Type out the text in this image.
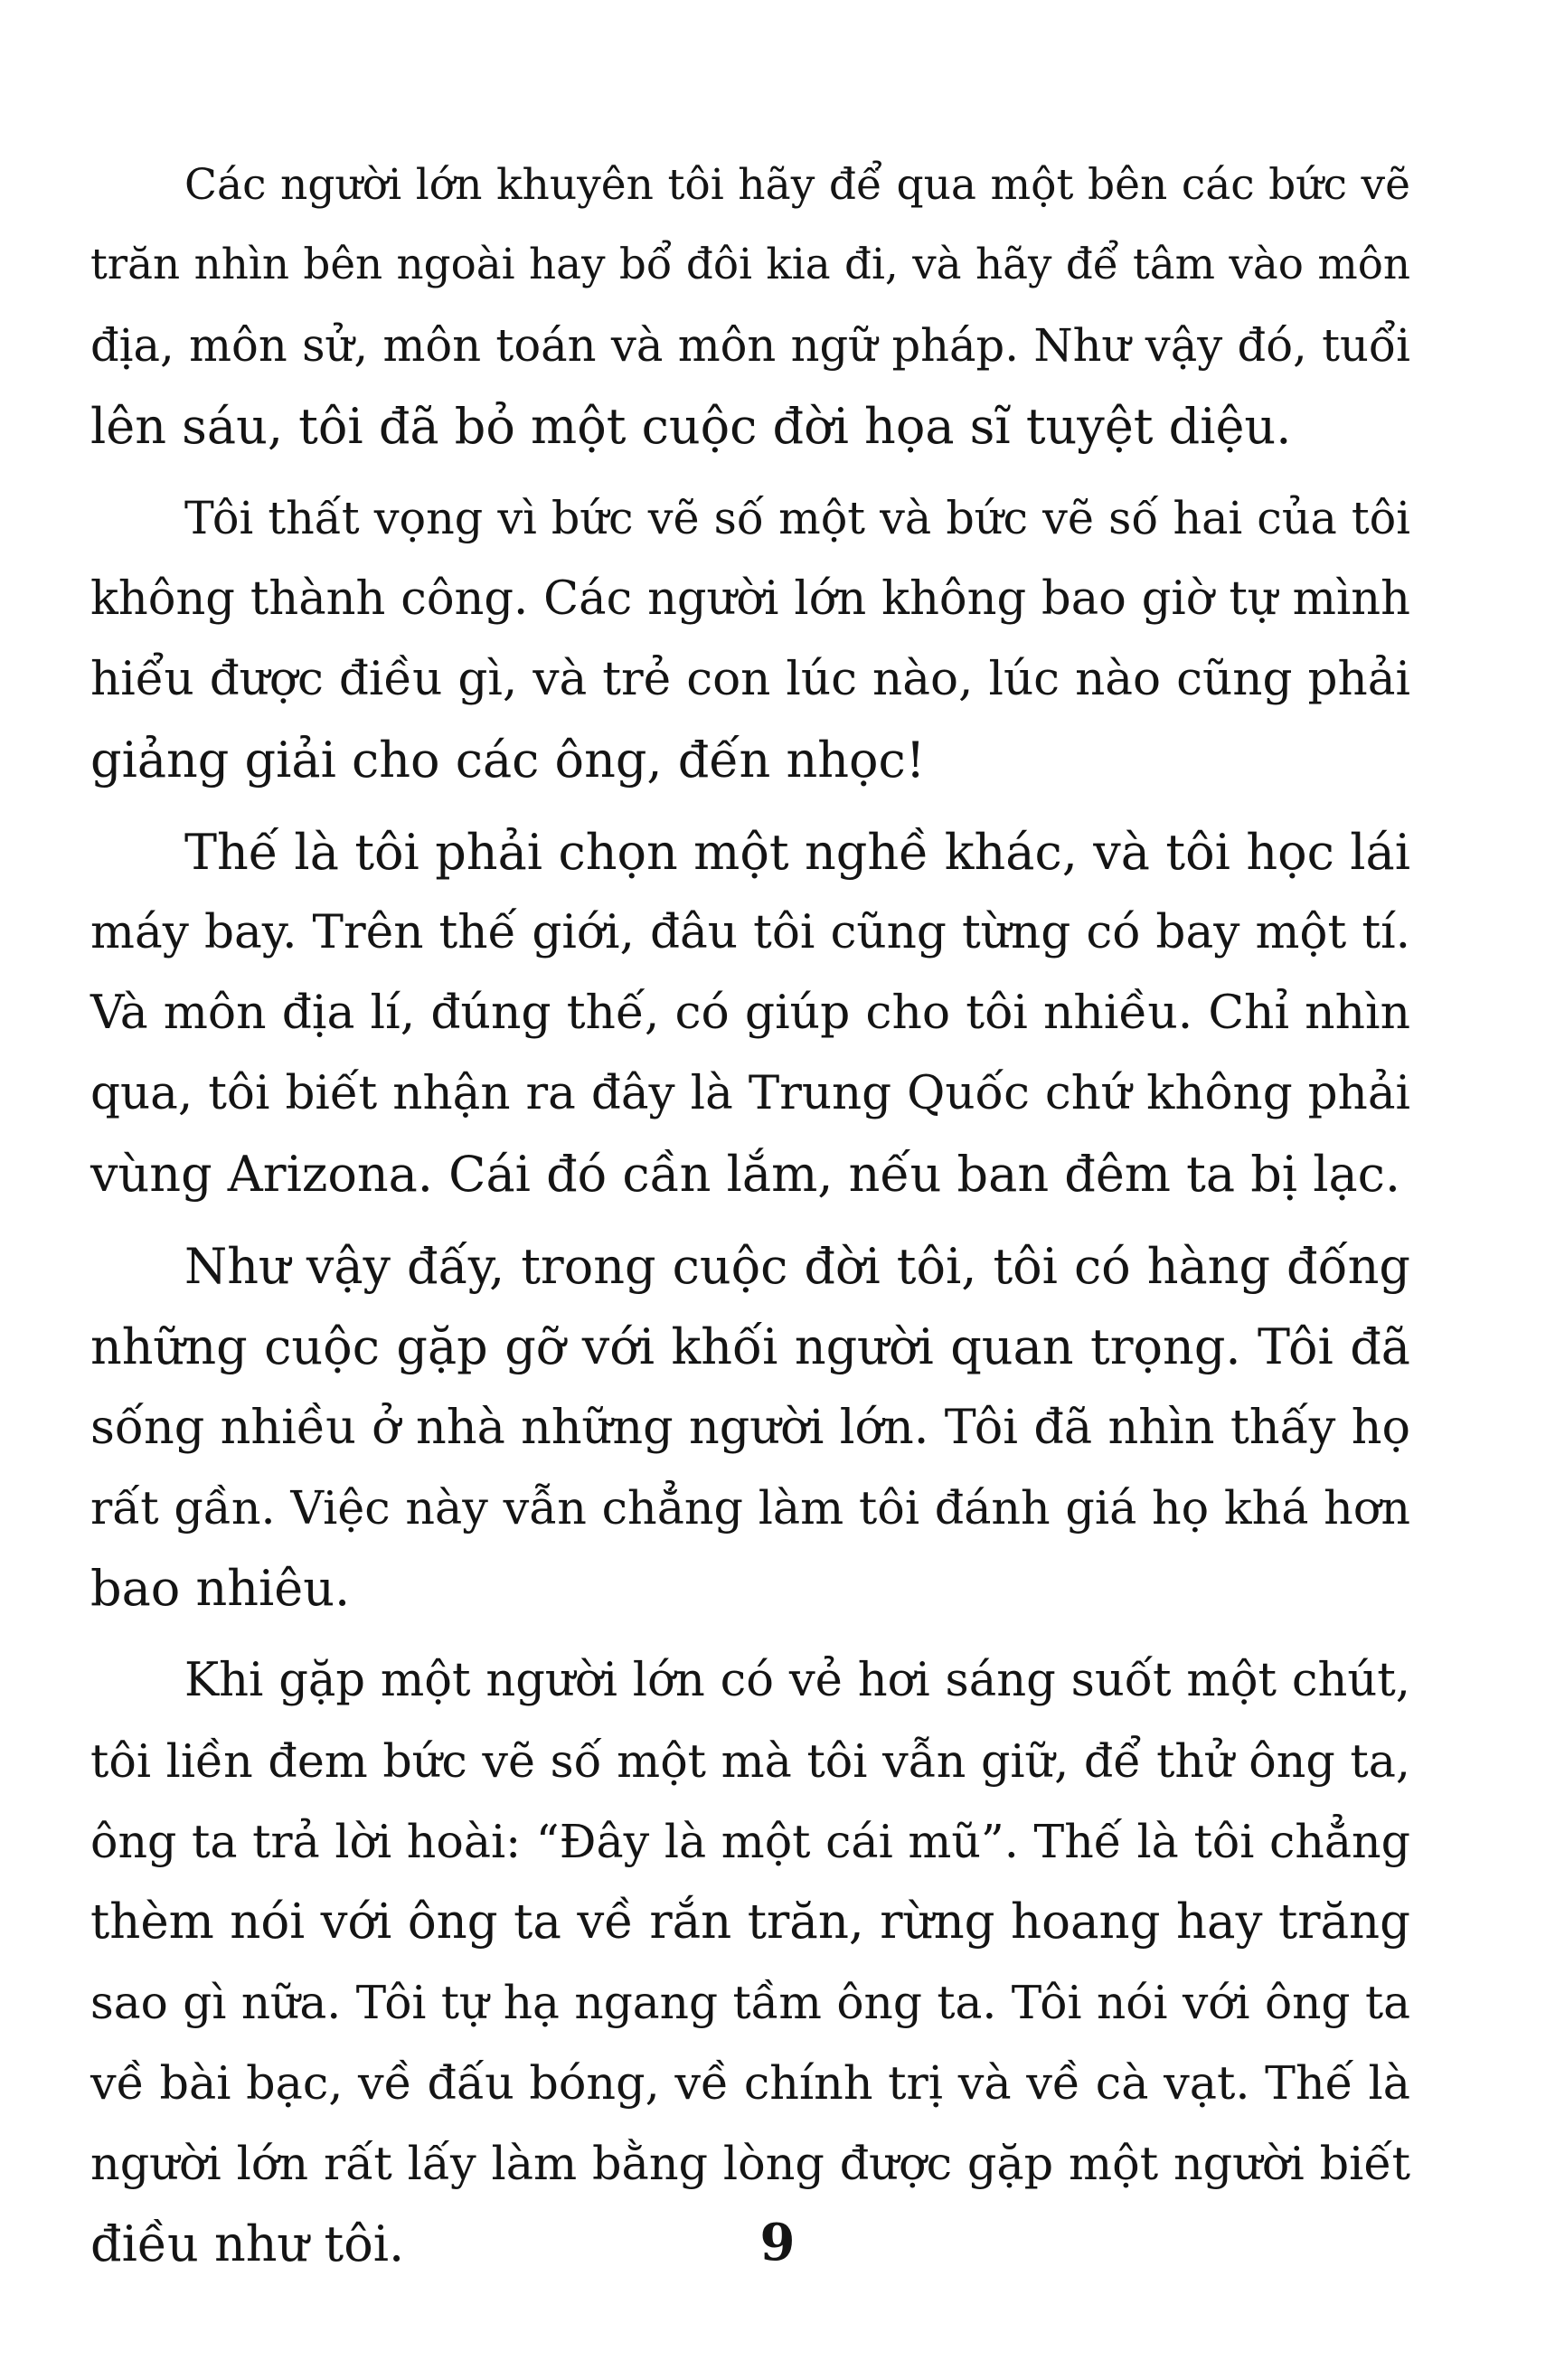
Các người lớn khuyên tôi hãy để qua một bên các bức vẽ
trăn nhìn bên ngoài hay bổ đôi kia đi, và hãy để tâm vào môn
địa, môn sử, môn toán và môn ngữ pháp. Như vậy đó, tuổi
lên sáu, tôi đã bỏ một cuộc đời họa sĩ tuyệt diệu.
Tôi thất vọng vì bức vẽ số một và bức vẽ số hai của tôi
không thành công. Các người lớn không bao giờ tự mình
hiểu được điều gì, và trẻ con lúc nào, lúc nào cũng phải
giảng giải cho các ông, đến nhọc!
Thế là tôi phải chọn một nghề khác, và tôi học lái
máy bay. Trên thế giới, đâu tôi cũng từng có bay một tí.
Và môn địa lí, đúng thế, có giúp cho tôi nhiều. Chỉ nhìn
qua, tôi biết nhận ra đây là Trung Quốc chứ không phải
vùng Arizona. Cái đó cần lắm, nếu ban đêm ta bị lạc.
Như vậy đấy, trong cuộc đời tôi, tôi có hàng đống
những cuộc gặp gỡ với khối người quan trọng. Tôi đã
sống nhiều ở nhà những người lớn. Tôi đã nhìn thấy họ
rất gần. Việc này vẫn chẳng làm tôi đánh giá họ khá hơn
bao nhiêu.
Khi gặp một người lớn có vẻ hơi sáng suốt một chút,
tôi liền đem bức vẽ số một mà tôi vẫn giữ, để thử ông ta,
ông ta trả lời hoài: “Đây là một cái mũ”. Thế là tôi chẳng
thèm nói với ông ta về rắn trăn, rừng hoang hay trăng
sao gì nữa. Tôi tự hạ ngang tầm ông ta. Tôi nói với ông ta
về bài bạc, về đấu bóng, về chính trị và về cà vạt. Thế là
người lớn rất lấy làm bằng lòng được gặp một người biết
điều như tôi.	9
